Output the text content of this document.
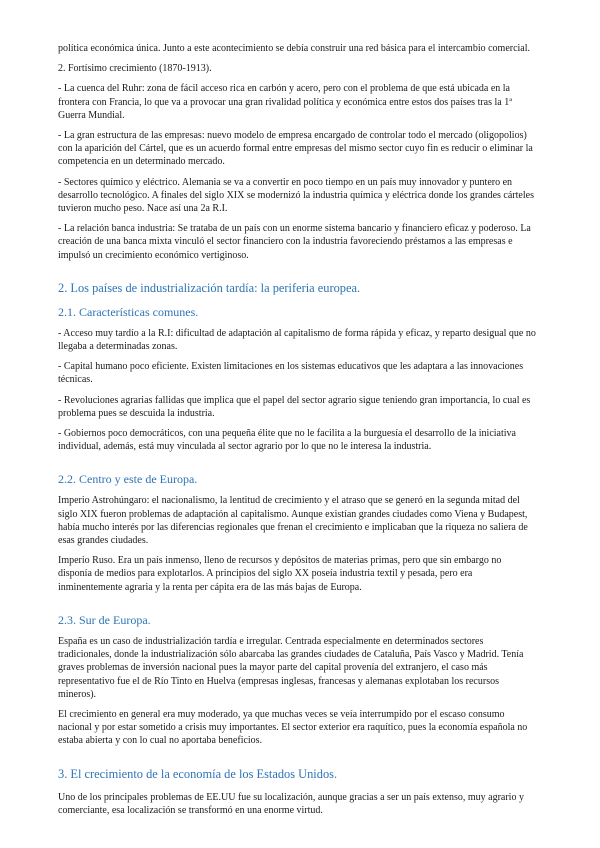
política económica única. Junto a este acontecimiento se debía construir una red básica para el intercambio comercial.

2. Fortísimo crecimiento (1870-1913).

- La cuenca del Ruhr: zona de fácil acceso rica en carbón y acero, pero con el problema de que está ubicada en la frontera con Francia, lo que va a provocar una gran rivalidad política y económica entre estos dos países tras la 1ª Guerra Mundial.

- La gran estructura de las empresas: nuevo modelo de empresa encargado de controlar todo el mercado (oligopolios) con la aparición del Cártel, que es un acuerdo formal entre empresas del mismo sector cuyo fin es reducir o eliminar la competencia en un determinado mercado.

- Sectores químico y eléctrico. Alemania se va a convertir en poco tiempo en un país muy innovador y puntero en desarrollo tecnológico. A finales del siglo XIX se modernizó la industria química y eléctrica donde los grandes cárteles tuvieron mucho peso. Nace así una 2a R.I.

- La relación banca industria: Se trataba de un país con un enorme sistema bancario y financiero eficaz y poderoso. La creación de una banca mixta vinculó el sector financiero con la industria favoreciendo préstamos a las empresas e impulsó un crecimiento económico vertiginoso.

2. Los países de industrialización tardía: la periferia europea.
2.1. Características comunes.

- Acceso muy tardío a la R.I: dificultad de adaptación al capitalismo de forma rápida y eficaz, y reparto desigual que no llegaba a determinadas zonas.

- Capital humano poco eficiente. Existen limitaciones en los sistemas educativos que les adaptara a las innovaciones técnicas.

- Revoluciones agrarias fallidas que implica que el papel del sector agrario sigue teniendo gran importancia, lo cual es problema pues se descuida la industria.

- Gobiernos poco democráticos, con una pequeña élite que no le facilita a la burguesía el desarrollo de la iniciativa individual, además, está muy vinculada al sector agrario por lo que no le interesa la industria.

2.2. Centro y este de Europa.

Imperio Astrohúngaro: el nacionalismo, la lentitud de crecimiento y el atraso que se generó en la segunda mitad del siglo XIX fueron problemas de adaptación al capitalismo. Aunque existían grandes ciudades como Viena y Budapest, había mucho interés por las diferencias regionales que frenan el crecimiento e implicaban que la riqueza no saliera de esas grandes ciudades.

Imperio Ruso. Era un país inmenso, lleno de recursos y depósitos de materias primas, pero que sin embargo no disponía de medios para explotarlos. A principios del siglo XX poseía industria textil y pesada, pero era inminentemente agraria y la renta per cápita era de las más bajas de Europa.

2.3. Sur de Europa.

España es un caso de industrialización tardía e irregular. Centrada especialmente en determinados sectores tradicionales, donde la industrialización sólo abarcaba las grandes ciudades de Cataluña, País Vasco y Madrid. Tenía graves problemas de inversión nacional pues la mayor parte del capital provenía del extranjero, el caso más representativo fue el de Río Tinto en Huelva (empresas inglesas, francesas y alemanas explotaban los recursos mineros).

El crecimiento en general era muy moderado, ya que muchas veces se veía interrumpido por el escaso consumo nacional y por estar sometido a crisis muy importantes. El sector exterior era raquítico, pues la economía española no estaba abierta y con lo cual no aportaba beneficios.

3. El crecimiento de la economía de los Estados Unidos.

Uno de los principales problemas de EE.UU fue su localización, aunque gracias a ser un país extenso, muy agrario y comerciante, esa localización se transformó en una enorme virtud.
